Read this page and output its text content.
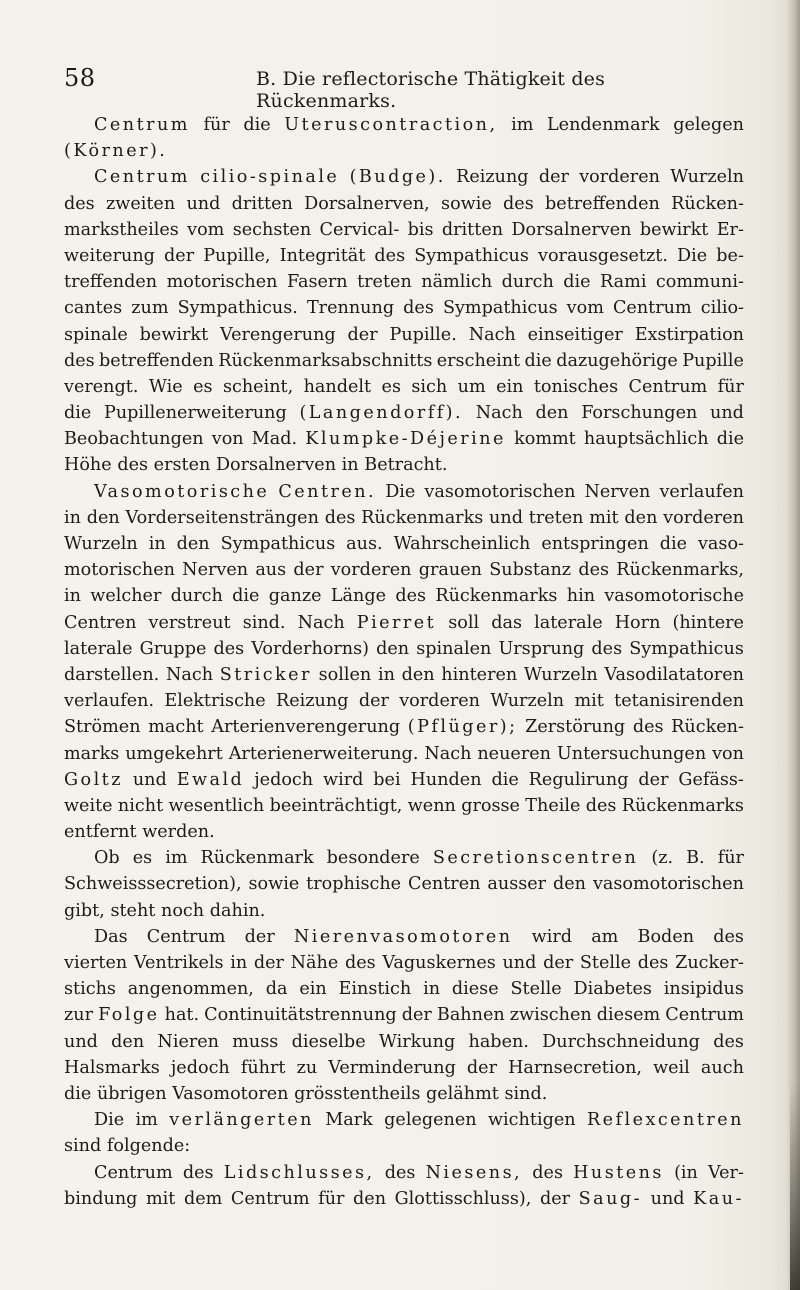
58	B. Die reflectorische Thätigkeit des Rückenmarks.
Centrum für die Uteruscontraction, im Lendenmark gelegen
(Körner).
Centrum cilio-spinale (Budge). Reizung der vorderen Wurzeln
des zweiten und dritten Dorsalnerven, sowie des betreffenden Rücken-
markstheiles vom sechsten Cervical- bis dritten Dorsalnerven bewirkt Er-
weiterung der Pupille, Integrität des Sympathicus vorausgesetzt. Die be-
treffenden motorischen Fasern treten nämlich durch die Rami communi-
cantes zum Sympathicus. Trennung des Sympathicus vom Centrum cilio-
spinale bewirkt Verengerung der Pupille. Nach einseitiger Exstirpation
des betreffenden Rückenmarksabschnitts erscheint die dazugehörige Pupille
verengt. Wie es scheint, handelt es sich um ein tonisches Centrum für
die Pupillenerweiterung (Langendorff). Nach den Forschungen und
Beobachtungen von Mad. Klumpke-Déjerine kommt hauptsächlich die
Höhe des ersten Dorsalnerven in Betracht.
Vasomotorische Centren. Die vasomotorischen Nerven verlaufen
in den Vorderseitensträngen des Rückenmarks und treten mit den vorderen
Wurzeln in den Sympathicus aus. Wahrscheinlich entspringen die vaso-
motorischen Nerven aus der vorderen grauen Substanz des Rückenmarks,
in welcher durch die ganze Länge des Rückenmarks hin vasomotorische
Centren verstreut sind. Nach Pierret soll das laterale Horn (hintere
laterale Gruppe des Vorderhorns) den spinalen Ursprung des Sympathicus
darstellen. Nach Stricker sollen in den hinteren Wurzeln Vasodilatatoren
verlaufen. Elektrische Reizung der vorderen Wurzeln mit tetanisirenden
Strömen macht Arterienverengerung (Pflüger); Zerstörung des Rücken-
marks umgekehrt Arterienerweiterung. Nach neueren Untersuchungen von
Goltz und Ewald jedoch wird bei Hunden die Regulirung der Gefäss-
weite nicht wesentlich beeinträchtigt, wenn grosse Theile des Rückenmarks
entfernt werden.
Ob es im Rückenmark besondere Secretionscentren (z. B. für
Schweisssecretion), sowie trophische Centren ausser den vasomotorischen
gibt, steht noch dahin.
Das Centrum der Nierenvasomotoren wird am Boden des
vierten Ventrikels in der Nähe des Vaguskernes und der Stelle des Zucker-
stichs angenommen, da ein Einstich in diese Stelle Diabetes insipidus
zur Folge hat. Continuitätstrennung der Bahnen zwischen diesem Centrum
und den Nieren muss dieselbe Wirkung haben. Durchschneidung des
Halsmarks jedoch führt zu Verminderung der Harnsecretion, weil auch
die übrigen Vasomotoren grösstentheils gelähmt sind.
Die im verlängerten Mark gelegenen wichtigen Reflexcentren
sind folgende:
Centrum des Lidschlusses, des Niesens, des Hustens (in Ver-
bindung mit dem Centrum für den Glottisschluss), der Saug- und Kau-
